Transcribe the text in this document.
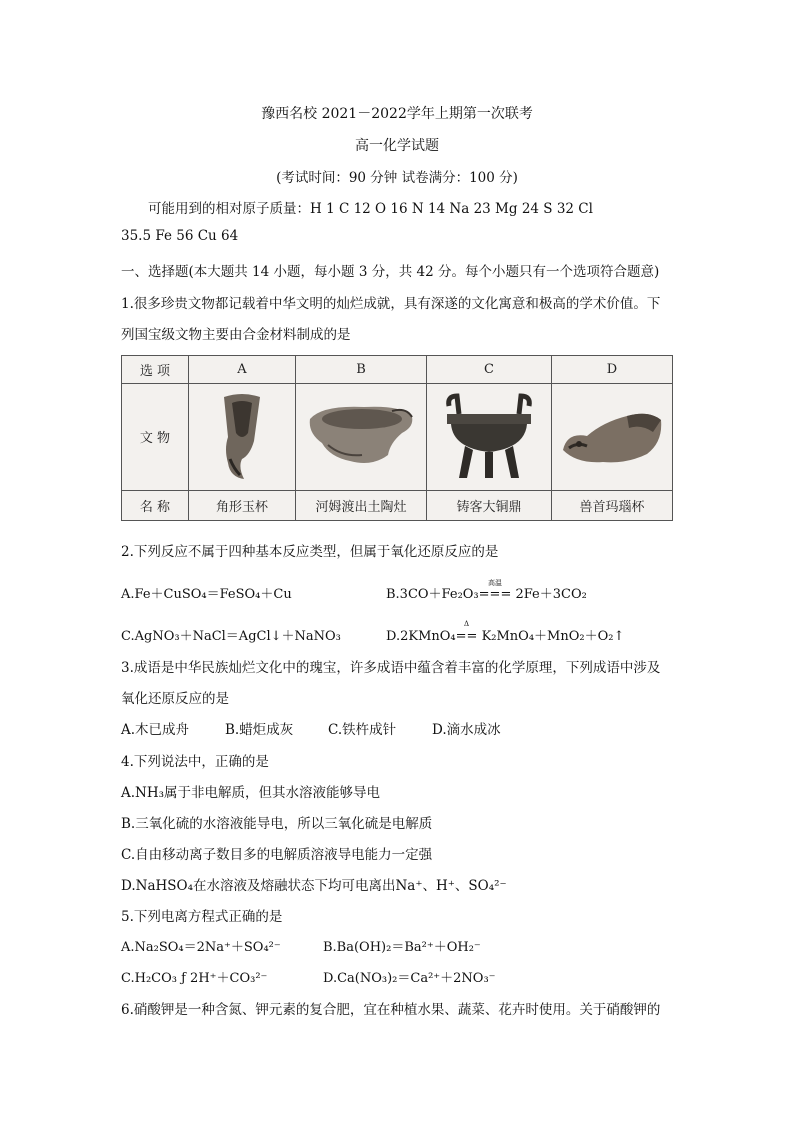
豫西名校 2021－2022学年上期第一次联考
高一化学试题
(考试时间：90 分钟 试卷满分：100 分)
可能用到的相对原子质量：H 1 C 12 O 16 N 14 Na 23 Mg 24 S 32 Cl
35.5 Fe 56 Cu 64
一、选择题(本大题共 14 小题，每小题 3 分，共 42 分。每个小题只有一个选项符合题意)
1.很多珍贵文物都记载着中华文明的灿烂成就，具有深遂的文化寓意和极高的学术价值。下
列国宝级文物主要由合金材料制成的是
选 项	A	B	C	D
文 物	

名 称	角形玉杯	河姆渡出土陶灶	铸客大铜鼎	兽首玛瑙杯
2.下列反应不属于四种基本反应类型，但属于氧化还原反应的是
A.Fe＋CuSO₄＝FeSO₄＋Cu	B.3CO＋Fe₂O₃
高温
=== 2Fe＋3CO₂
C.AgNO₃＋NaCl＝AgCl↓＋NaNO₃	D.2KMnO₄
Δ
== K₂MnO₄＋MnO₂＋O₂↑
3.成语是中华民族灿烂文化中的瑰宝，许多成语中蕴含着丰富的化学原理，下列成语中涉及
氧化还原反应的是
A.木已成舟	B.蜡炬成灰	C.铁杵成针	D.滴水成冰
4.下列说法中，正确的是
A.NH₃属于非电解质，但其水溶液能够导电
B.三氧化硫的水溶液能导电，所以三氧化硫是电解质
C.自由移动离子数目多的电解质溶液导电能力一定强
D.NaHSO₄在水溶液及熔融状态下均可电离出Na⁺、H⁺、SO₄²⁻
5.下列电离方程式正确的是
A.Na₂SO₄＝2Na⁺＋SO₄²⁻	B.Ba(OH)₂＝Ba²⁺＋OH₂⁻
C.H₂CO₃ ƒ 2H⁺＋CO₃²⁻	D.Ca(NO₃)₂＝Ca²⁺＋2NO₃⁻
6.硝酸钾是一种含氮、钾元素的复合肥，宜在种植水果、蔬菜、花卉时使用。关于硝酸钾的
